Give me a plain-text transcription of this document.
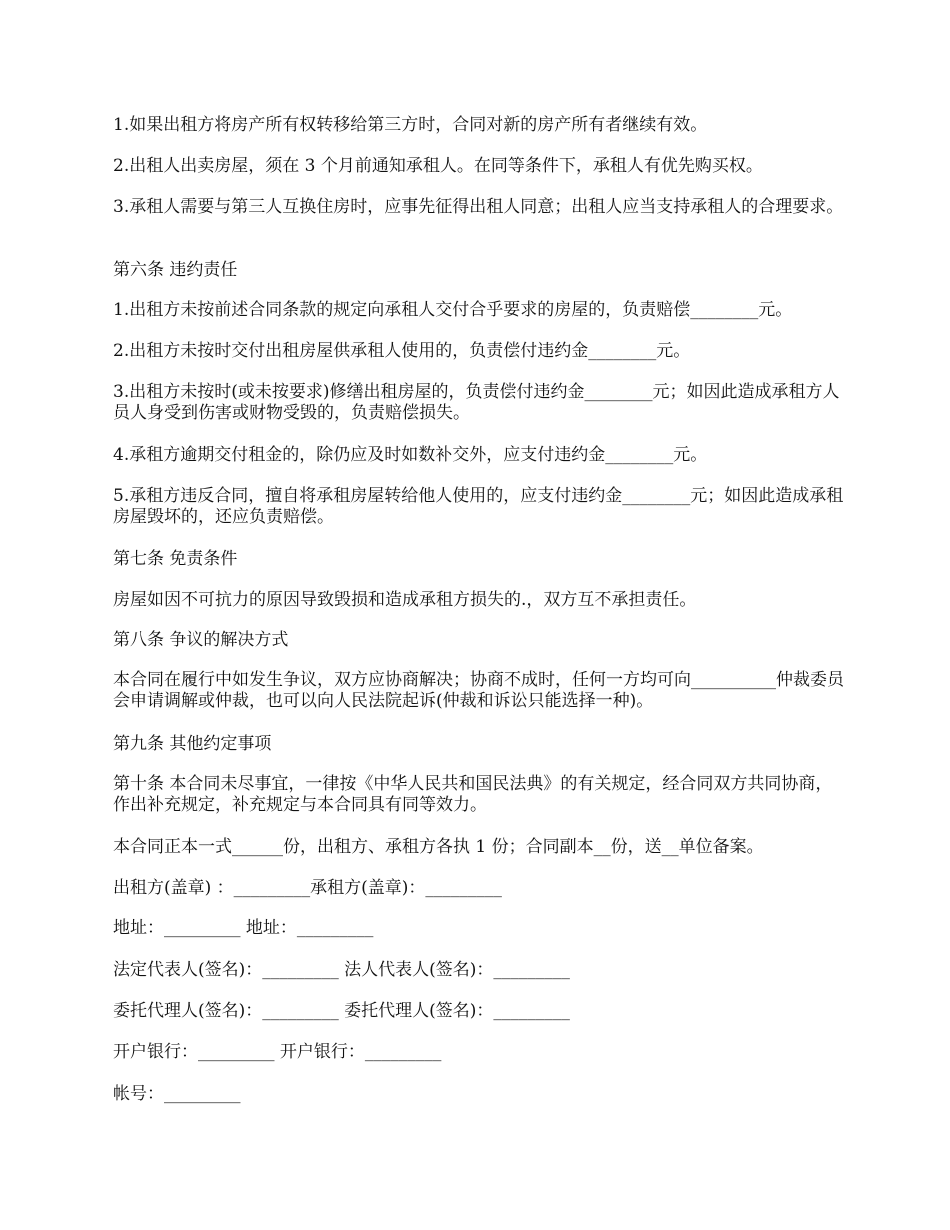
1.如果出租方将房产所有权转移给第三方时，合同对新的房产所有者继续有效。

2.出租人出卖房屋，须在 3 个月前通知承租人。在同等条件下，承租人有优先购买权。

3.承租人需要与第三人互换住房时，应事先征得出租人同意；出租人应当支持承租人的合理要求。

第六条 违约责任

1.出租方未按前述合同条款的规定向承租人交付合乎要求的房屋的，负责赔偿________元。

2.出租方未按时交付出租房屋供承租人使用的，负责偿付违约金________元。

3.出租方未按时(或未按要求)修缮出租房屋的，负责偿付违约金________元；如因此造成承租方人员人身受到伤害或财物受毁的，负责赔偿损失。

4.承租方逾期交付租金的，除仍应及时如数补交外，应支付违约金________元。

5.承租方违反合同，擅自将承租房屋转给他人使用的，应支付违约金________元；如因此造成承租房屋毁坏的，还应负责赔偿。

第七条 免责条件

房屋如因不可抗力的原因导致毁损和造成承租方损失的.，双方互不承担责任。

第八条 争议的解决方式

本合同在履行中如发生争议，双方应协商解决；协商不成时，任何一方均可向__________仲裁委员会申请调解或仲裁，也可以向人民法院起诉(仲裁和诉讼只能选择一种)。

第九条 其他约定事项

第十条 本合同未尽事宜，一律按《中华人民共和国民法典》的有关规定，经合同双方共同协商，作出补充规定，补充规定与本合同具有同等效力。

本合同正本一式______份，出租方、承租方各执 1 份；合同副本__份，送__单位备案。

出租方(盖章) ：_________承租方(盖章)：_________

地址：_________ 地址：_________

法定代表人(签名)：_________ 法人代表人(签名)：_________

委托代理人(签名)：_________ 委托代理人(签名)：_________

开户银行：_________ 开户银行：_________

帐号：_________
